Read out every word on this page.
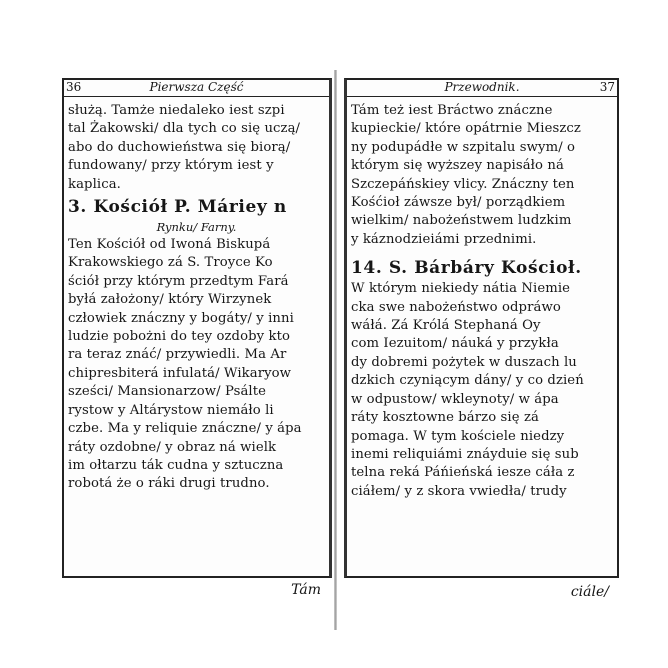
36	Pierwsza Część
służą. Tamże niedaleko iest szpi
tal Żakowski/ dla tych co się uczą/
abo do duchowieństwa się biorą/
fundowany/ przy którym iest y
kaplica.
3. Kościół P. Máriey n
Rynku/ Farny.
Ten Kościół od Iwoná Biskupá
Krakowskiego zá S. Troyce Ko
ściół przy którym przedtym Fará
byłá założony/ który Wirzynek
człowiek znáczny y bogáty/ y inni
ludzie pobożni do tey ozdoby kto
ra teraz znáć/ przywiedli. Ma Ar
chipresbiterá infulatá/ Wikaryow
sześci/ Mansionarzow/ Psálte
rystow y Altárystow niemáło li
czbe. Ma y reliquie znáczne/ y ápa
ráty ozdobne/ y obraz ná wielk
im ołtarzu ták cudna y sztuczna
robotá że o ráki drugi trudno.
Tám
Przewodnik.	37
Tám też iest Bráctwo znáczne
kupieckie/ które opátrnie Mieszcz
ny podupádłe w szpitalu swym/ o
którym się wyższey napisáło ná
Szczepáńskiey vlicy. Znáczny ten
Kośćioł záwsze był/ porządkiem
wielkim/ nabożeństwem ludzkim
y káznodzieiámi przednimi.
14. S. Bárbáry Kościoł.
W którym niekiedy nátia Niemie
cka swe nabożeństwo odpráwo
wáłá. Zá Królá Stephaná Oy
com Iezuitom/ náuká y przykła
dy dobremi pożytek w duszach lu
dzkich czyniącym dány/ y co dzień
w odpustow/ wkleynoty/ w ápa
ráty kosztowne bárzo się zá
pomaga. W tym kościele niedzy
inemi reliquiámi znáyduie się sub
telna reká Páńieńská iesze cáła z
ciáłem/ y z skora vwiedła/ trudy
ciále/
